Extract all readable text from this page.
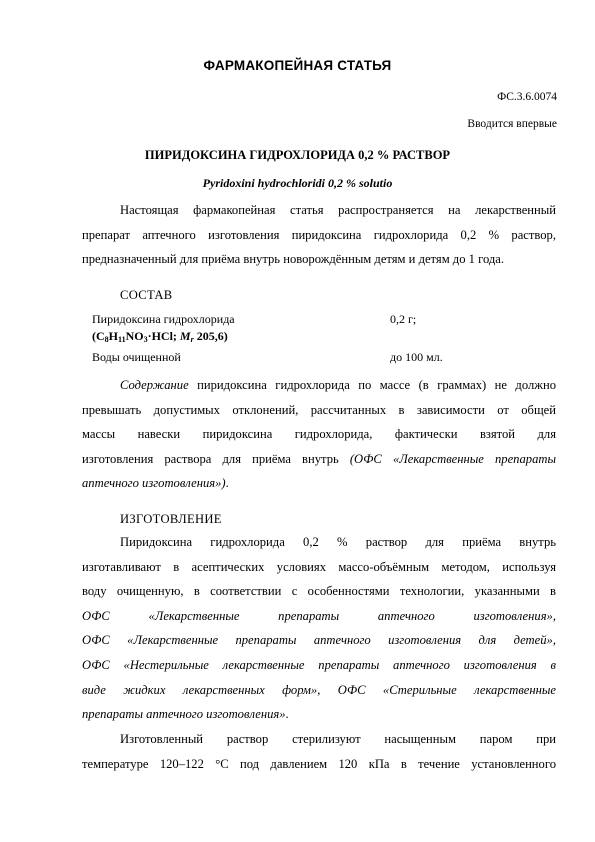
ФАРМАКОПЕЙНАЯ СТАТЬЯ
ФС.3.6.0074
Вводится впервые
ПИРИДОКСИНА ГИДРОХЛОРИДА 0,2 % РАСТВОР
Pyridoxini hydrochloridi 0,2 % solutio
Настоящая фармакопейная статья распространяется на лекарственный
препарат аптечного изготовления пиридоксина гидрохлорида 0,2 % раствор,
предназначенный для приёма внутрь новорождённым детям и детям до 1 года.
СОСТАВ
Пиридоксина гидрохлорида
($C_8H_{11}NO_3\cdot HCl$; $M_r$ 205,6)
0,2 г;
Воды очищенной	до 100 мл.
Содержание пиридоксина гидрохлорида по массе (в граммах) не должно
превышать допустимых отклонений, рассчитанных в зависимости от общей
массы навески пиридоксина гидрохлорида, фактически взятой для
изготовления раствора для приёма внутрь (ОФС «Лекарственные препараты
аптечного изготовления»).
ИЗГОТОВЛЕНИЕ
Пиридоксина гидрохлорида 0,2 % раствор для приёма внутрь
изготавливают в асептических условиях массо-объёмным методом, используя
воду очищенную, в соответствии с особенностями технологии, указанными в
ОФС «Лекарственные препараты аптечного изготовления»,
ОФС «Лекарственные препараты аптечного изготовления для детей»,
ОФС «Нестерильные лекарственные препараты аптечного изготовления в
виде жидких лекарственных форм», ОФС «Стерильные лекарственные
препараты аптечного изготовления».
Изготовленный раствор стерилизуют насыщенным паром при
температуре 120–122 °С под давлением 120 кПа в течение установленного
